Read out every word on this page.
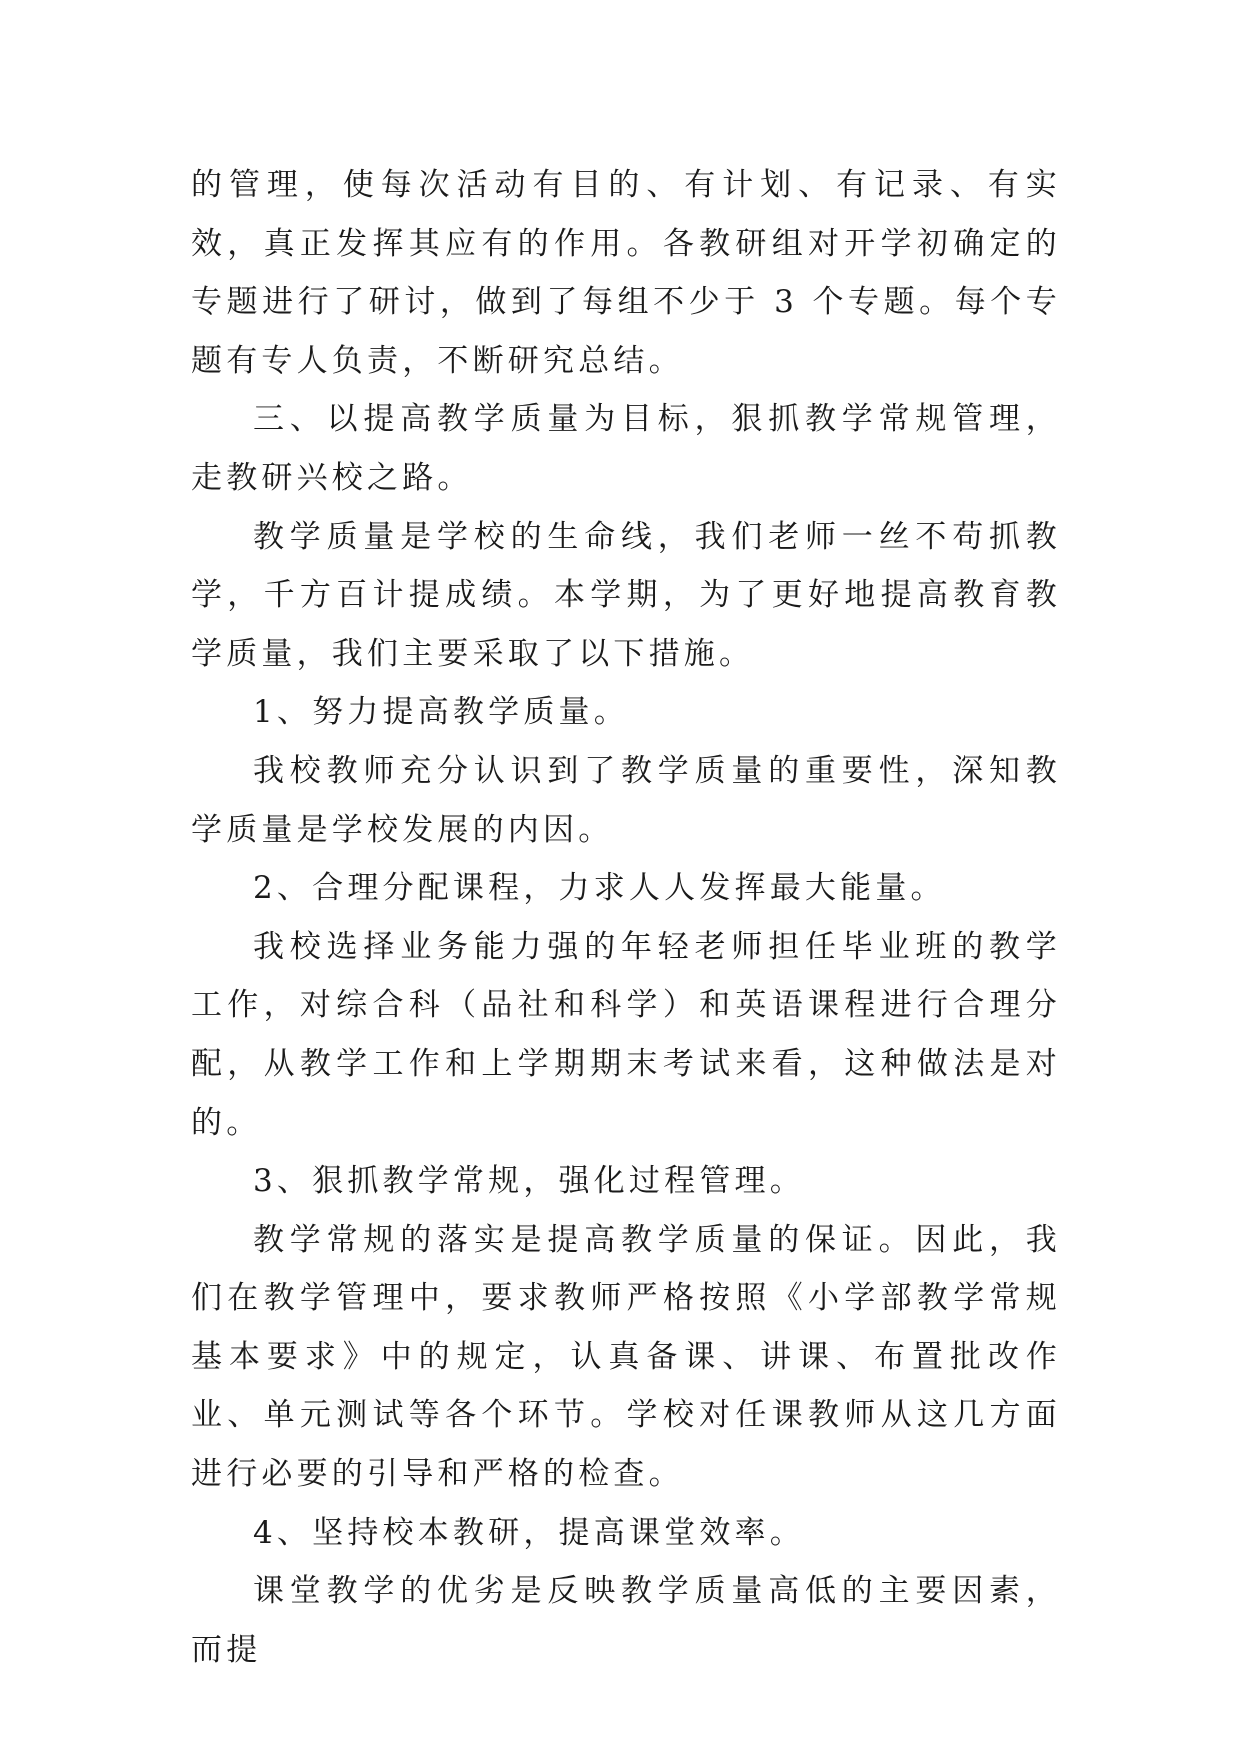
的管理，使每次活动有目的、有计划、有记录、有实效，真正发挥其应有的作用。各教研组对开学初确定的专题进行了研讨，做到了每组不少于 3 个专题。每个专题有专人负责，不断研究总结。

三、以提高教学质量为目标，狠抓教学常规管理，走教研兴校之路。

教学质量是学校的生命线，我们老师一丝不苟抓教学，千方百计提成绩。本学期，为了更好地提高教育教学质量，我们主要采取了以下措施。

1、努力提高教学质量。

我校教师充分认识到了教学质量的重要性，深知教学质量是学校发展的内因。

2、合理分配课程，力求人人发挥最大能量。

我校选择业务能力强的年轻老师担任毕业班的教学工作，对综合科（品社和科学）和英语课程进行合理分配，从教学工作和上学期期末考试来看，这种做法是对的。

3、狠抓教学常规，强化过程管理。

教学常规的落实是提高教学质量的保证。因此，我们在教学管理中，要求教师严格按照《小学部教学常规基本要求》中的规定，认真备课、讲课、布置批改作业、单元测试等各个环节。学校对任课教师从这几方面进行必要的引导和严格的检查。

4、坚持校本教研，提高课堂效率。

课堂教学的优劣是反映教学质量高低的主要因素，而提
